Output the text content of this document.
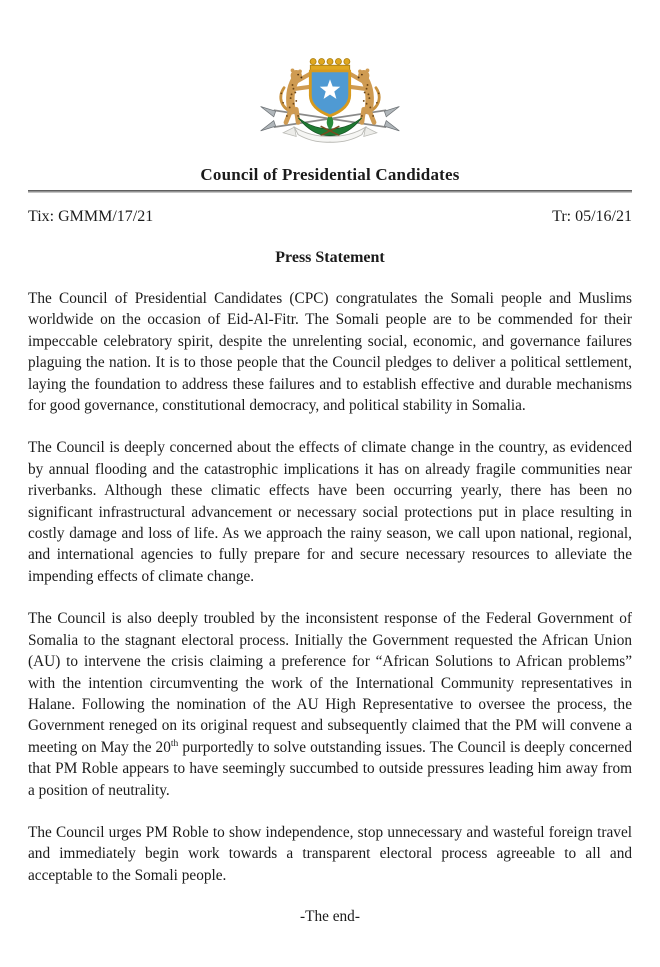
Council of Presidential Candidates
Tix: GMMM/17/21	Tr: 05/16/21
Press Statement

The Council of Presidential Candidates (CPC) congratulates the Somali people and Muslims worldwide on the occasion of Eid-Al-Fitr. The Somali people are to be commended for their impeccable celebratory spirit, despite the unrelenting social, economic, and governance failures plaguing the nation. It is to those people that the Council pledges to deliver a political settlement, laying the foundation to address these failures and to establish effective and durable mechanisms for good governance, constitutional democracy, and political stability in Somalia.

The Council is deeply concerned about the effects of climate change in the country, as evidenced by annual flooding and the catastrophic implications it has on already fragile communities near riverbanks. Although these climatic effects have been occurring yearly, there has been no significant infrastructural advancement or necessary social protections put in place resulting in costly damage and loss of life. As we approach the rainy season, we call upon national, regional, and international agencies to fully prepare for and secure necessary resources to alleviate the impending effects of climate change.

The Council is also deeply troubled by the inconsistent response of the Federal Government of Somalia to the stagnant electoral process. Initially the Government requested the African Union (AU) to intervene the crisis claiming a preference for “African Solutions to African problems” with the intention circumventing the work of the International Community representatives in Halane. Following the nomination of the AU High Representative to oversee the process, the Government reneged on its original request and subsequently claimed that the PM will convene a meeting on May the 20th purportedly to solve outstanding issues. The Council is deeply concerned that PM Roble appears to have seemingly succumbed to outside pressures leading him away from a position of neutrality.

The Council urges PM Roble to show independence, stop unnecessary and wasteful foreign travel and immediately begin work towards a transparent electoral process agreeable to all and acceptable to the Somali people.

-The end-
